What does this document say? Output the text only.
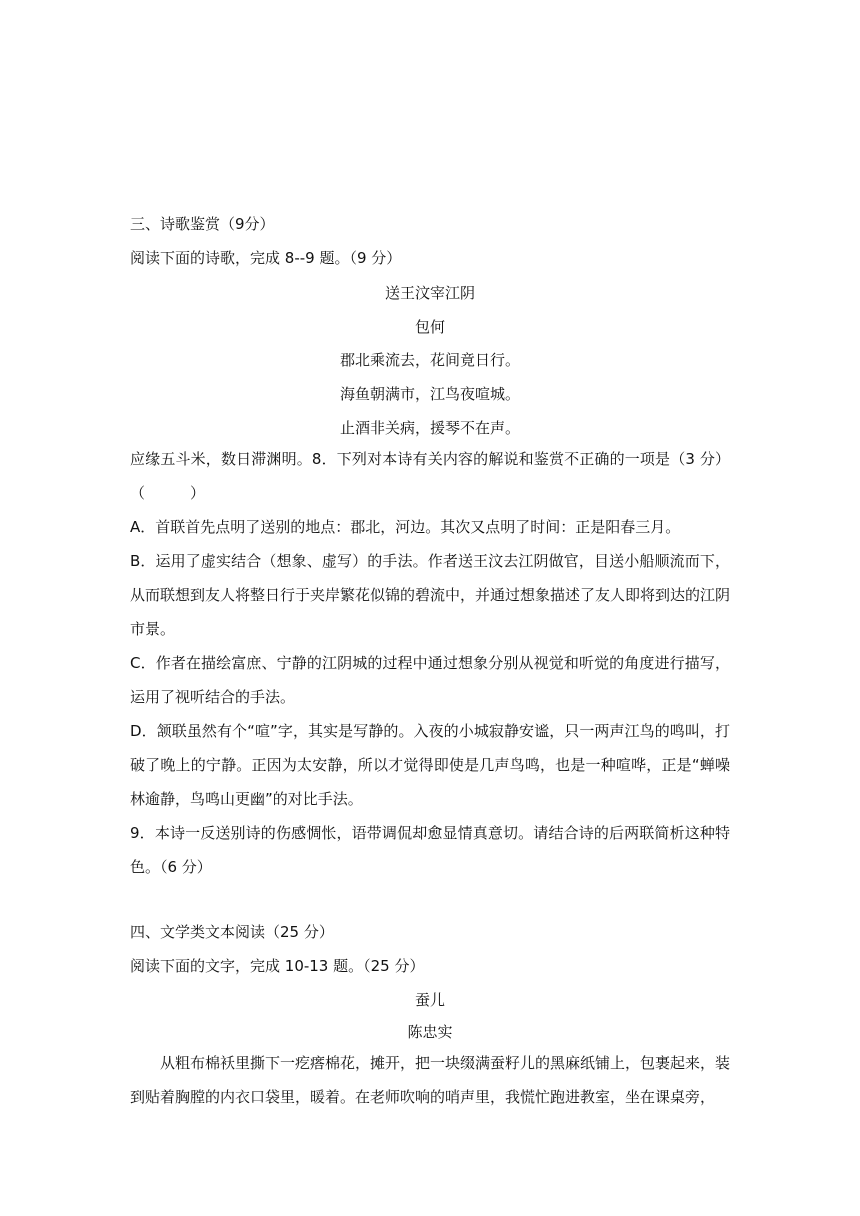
三、诗歌鉴赏（9分）
阅读下面的诗歌，完成 8--9 题。（9 分）
送王汶宰江阴
包何
郡北乘流去，花间竟日行。
海鱼朝满市，江鸟夜喧城。
止酒非关病，援琴不在声。
应缘五斗米，数日滞渊明。8．下列对本诗有关内容的解说和鉴赏不正确的一项是（3 分）（　　　）
A．首联首先点明了送别的地点：郡北，河边。其次又点明了时间：正是阳春三月。
B．运用了虚实结合（想象、虚写）的手法。作者送王汶去江阴做官，目送小船顺流而下，从而联想到友人将整日行于夹岸繁花似锦的碧流中，并通过想象描述了友人即将到达的江阴市景。
C．作者在描绘富庶、宁静的江阴城的过程中通过想象分别从视觉和听觉的角度进行描写，运用了视听结合的手法。
D．颔联虽然有个“喧”字，其实是写静的。入夜的小城寂静安谧，只一两声江鸟的鸣叫，打破了晚上的宁静。正因为太安静，所以才觉得即使是几声鸟鸣，也是一种喧哗，正是“蝉噪林逾静，鸟鸣山更幽”的对比手法。
9．本诗一反送别诗的伤感惆怅，语带调侃却愈显情真意切。请结合诗的后两联简析这种特色。（6 分）
四、文学类文本阅读（25 分）
阅读下面的文字，完成 10-13 题。（25 分）
蚕儿
陈忠实
从粗布棉袄里撕下一疙瘩棉花，摊开，把一块缀满蚕籽儿的黑麻纸铺上，包裹起来，装到贴着胸膛的内衣口袋里，暖着。在老师吹响的哨声里，我慌忙跑进教室，坐在课桌旁，
